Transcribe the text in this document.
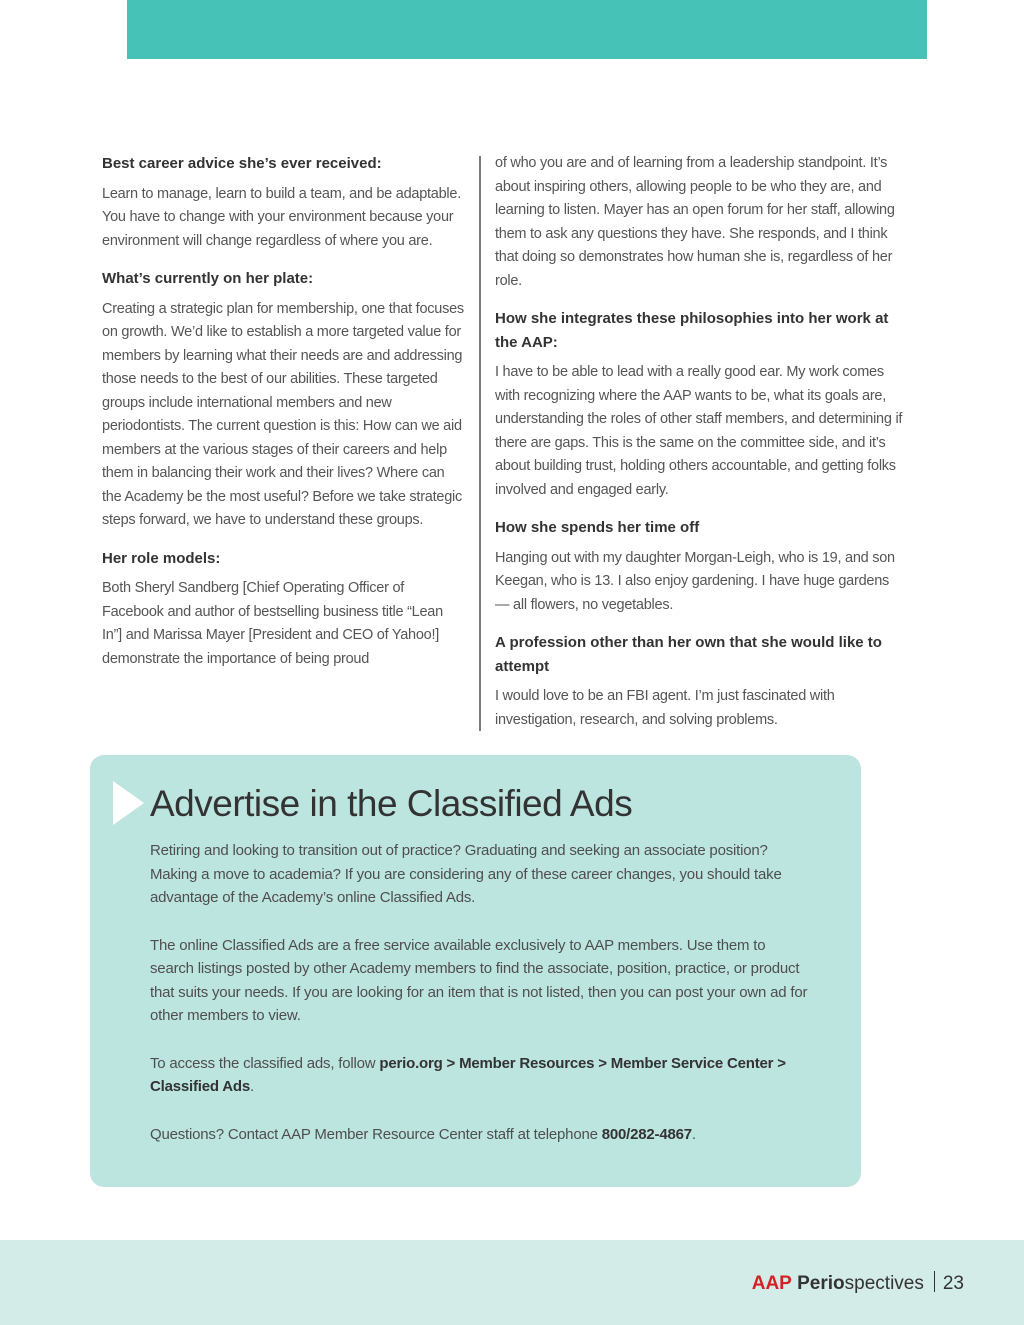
Best career advice she’s ever received:

Learn to manage, learn to build a team, and be adaptable. You have to change with your environment because your environment will change regardless of where you are.

What’s currently on her plate:

Creating a strategic plan for membership, one that focuses on growth. We’d like to establish a more targeted value for members by learning what their needs are and addressing those needs to the best of our abilities. These targeted groups include international members and new periodontists. The current question is this: How can we aid members at the various stages of their careers and help them in balancing their work and their lives? Where can the Academy be the most useful? Before we take strategic steps forward, we have to understand these groups.

Her role models:

Both Sheryl Sandberg [Chief Operating Officer of Facebook and author of bestselling business title “Lean In”] and Marissa Mayer [President and CEO of Yahoo!] demonstrate the importance of being proud

of who you are and of learning from a leadership standpoint. It’s about inspiring others, allowing people to be who they are, and learning to listen. Mayer has an open forum for her staff, allowing them to ask any questions they have. She responds, and I think that doing so demonstrates how human she is, regardless of her role.

How she integrates these philosophies into her work at the AAP:

I have to be able to lead with a really good ear. My work comes with recognizing where the AAP wants to be, what its goals are, understanding the roles of other staff members, and determining if there are gaps. This is the same on the committee side, and it’s about building trust, holding others accountable, and getting folks involved and engaged early.

How she spends her time off

Hanging out with my daughter Morgan-Leigh, who is 19, and son Keegan, who is 13. I also enjoy gardening. I have huge gardens — all flowers, no vegetables.

A profession other than her own that she would like to attempt

I would love to be an FBI agent. I’m just fascinated with investigation, research, and solving problems.

Advertise in the Classified Ads

Retiring and looking to transition out of practice? Graduating and seeking an associate position? Making a move to academia? If you are considering any of these career changes, you should take advantage of the Academy’s online Classified Ads.

The online Classified Ads are a free service available exclusively to AAP members. Use them to search listings posted by other Academy members to find the associate, position, practice, or product that suits your needs. If you are looking for an item that is not listed, then you can post your own ad for other members to view.

To access the classified ads, follow perio.org > Member Resources > Member Service Center > Classified Ads.

Questions? Contact AAP Member Resource Center staff at telephone 800/282-4867.

AAP Periospectives 23
